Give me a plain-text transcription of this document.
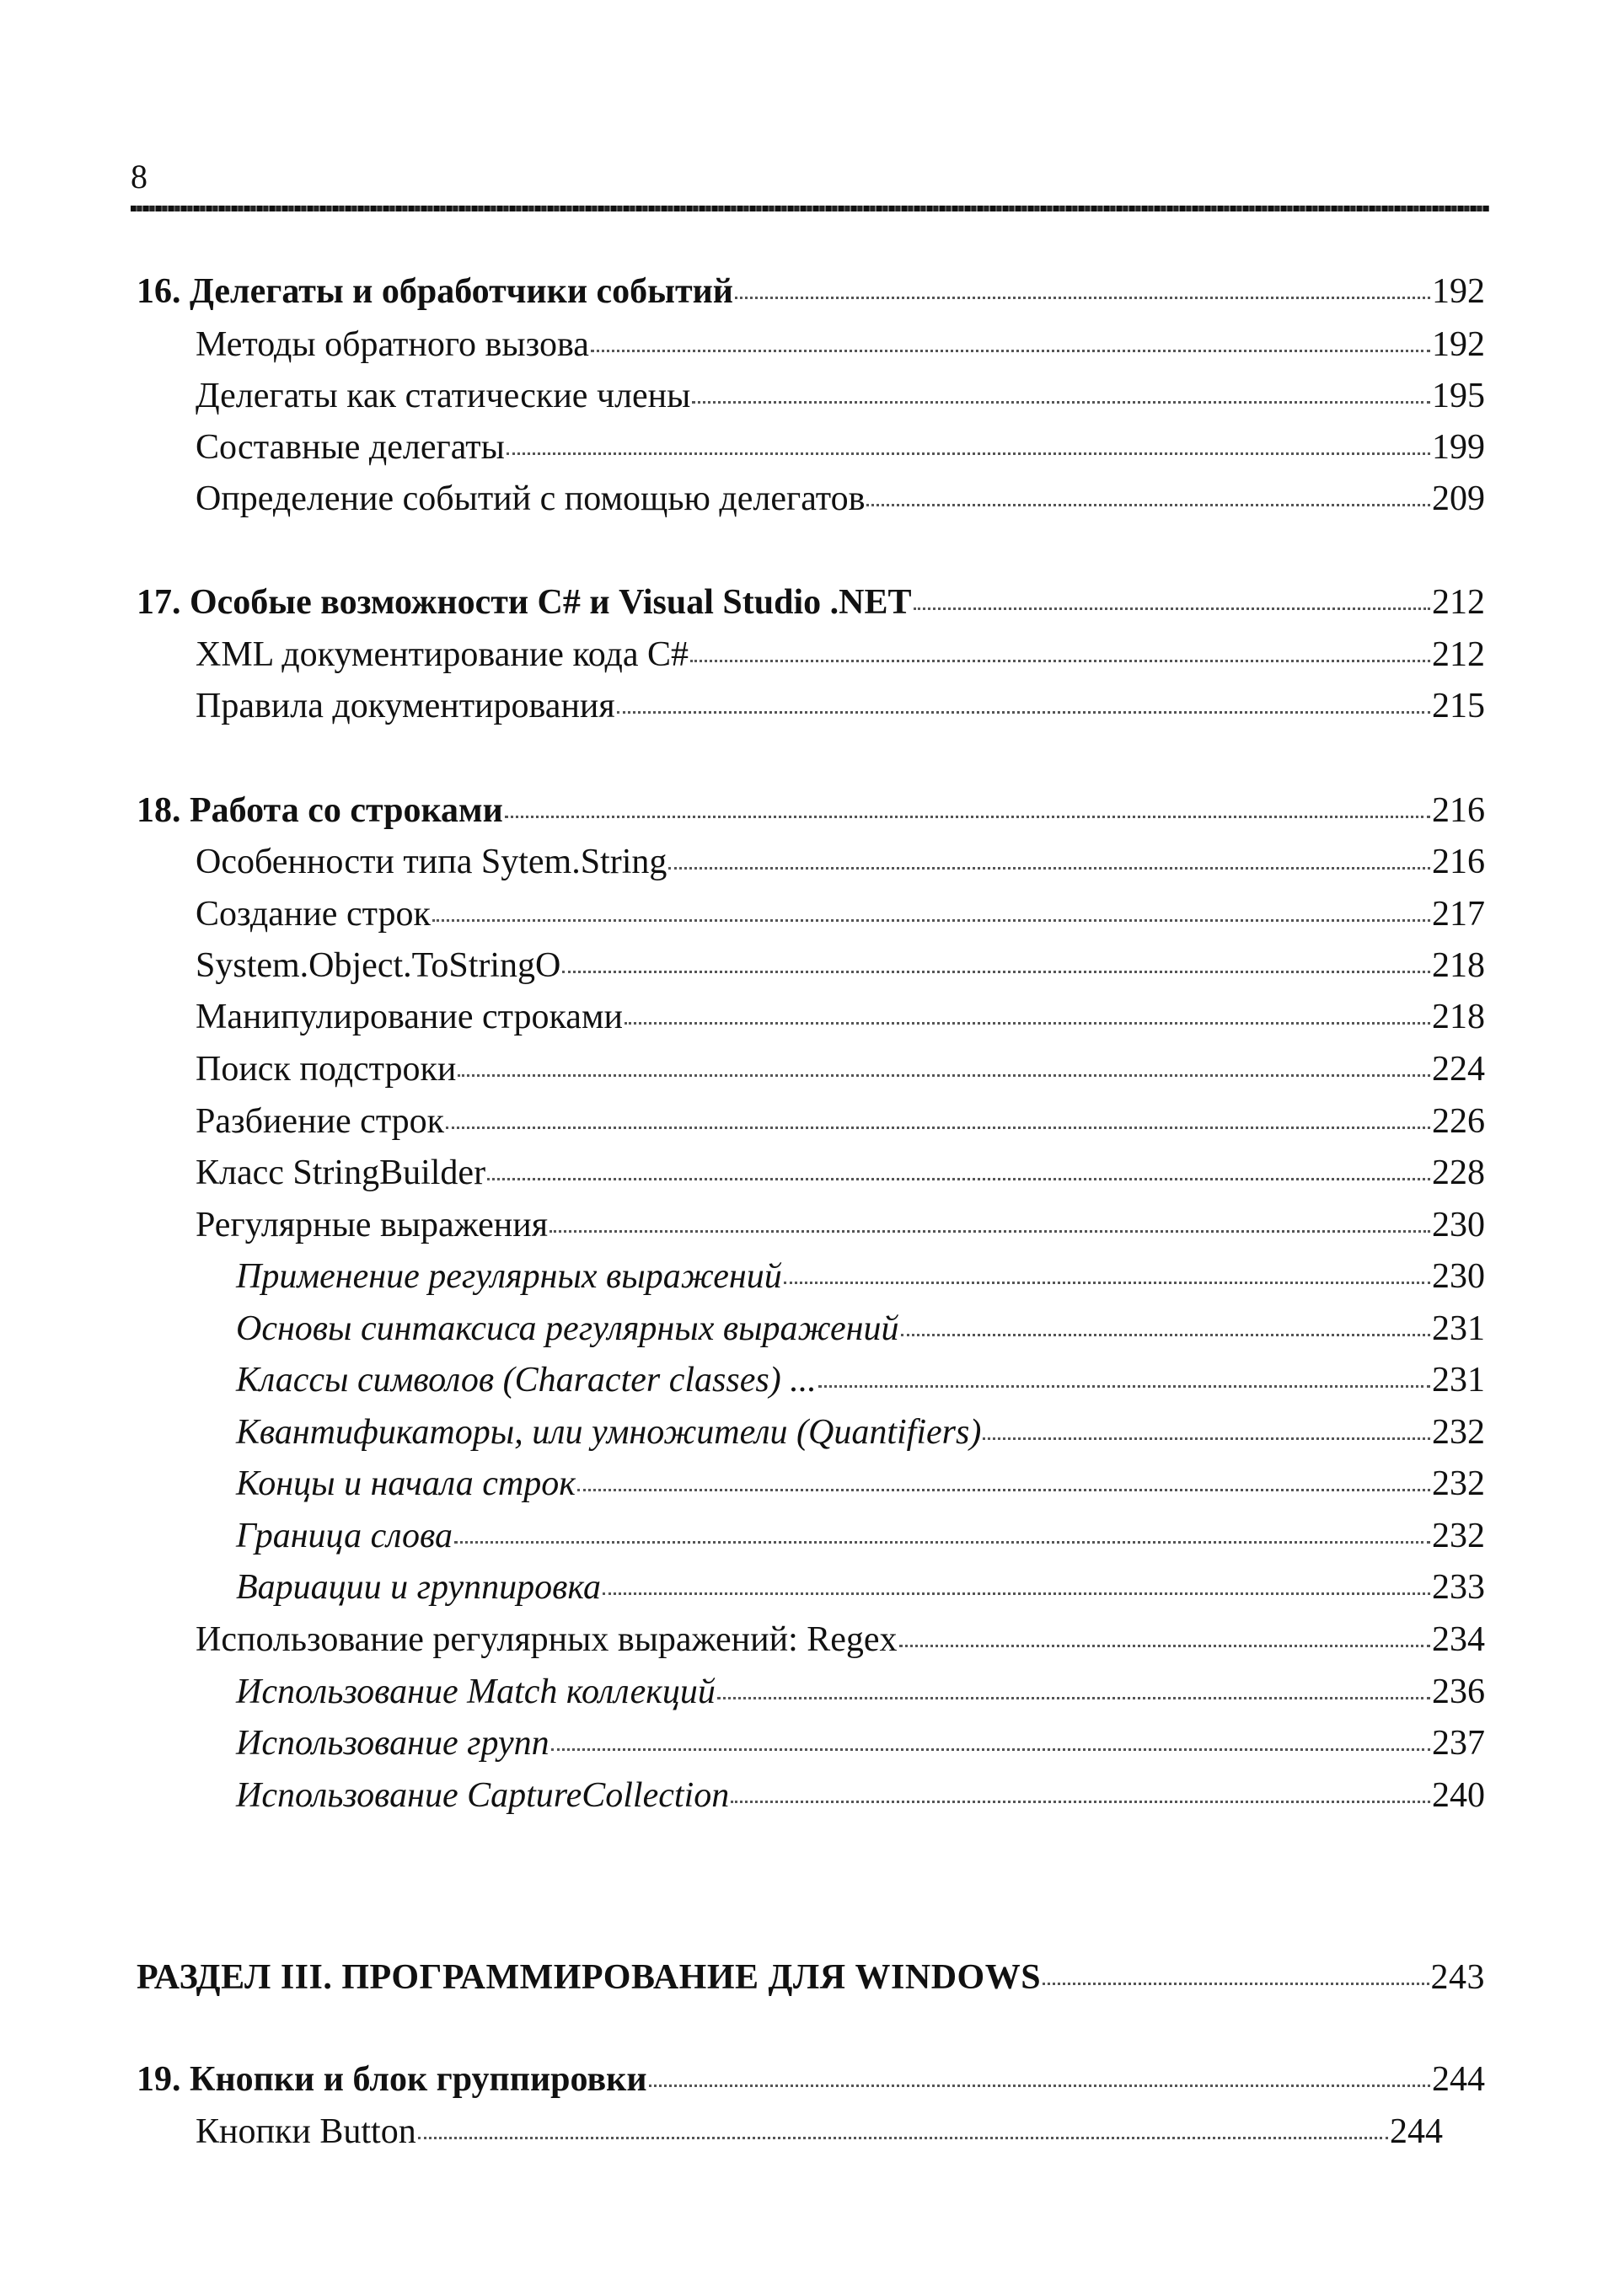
8
16. Делегаты и обработчики событий	192
Методы обратного вызова	192
Делегаты как статические члены	195
Составные делегаты	199
Определение событий с помощью делегатов	209
17. Особые возможности C# и Visual Studio .NET	212
XML документирование кода C#	212
Правила документирования	215
18. Работа со строками	216
Особенности типа Sytem.String	216
Создание строк	217
System.Object.ToStringO	218
Манипулирование строками	218
Поиск подстроки	224
Разбиение строк	226
Класс StringBuilder	228
Регулярные выражения	230
Применение регулярных выражений	230
Основы синтаксиса регулярных выражений	231
Классы символов (Character classes) ...	231
Квантификаторы, или умножители (Quantifiers)	232
Концы и начала строк	232
Граница слова	232
Вариации и группировка	233
Использование регулярных выражений: Regex	234
Использование Match коллекций	236
Использование групп	237
Использование CaptureCollection	240
РАЗДЕЛ III. ПРОГРАММИРОВАНИЕ ДЛЯ WINDOWS	243
19. Кнопки и блок группировки	244
Кнопки Button	244
